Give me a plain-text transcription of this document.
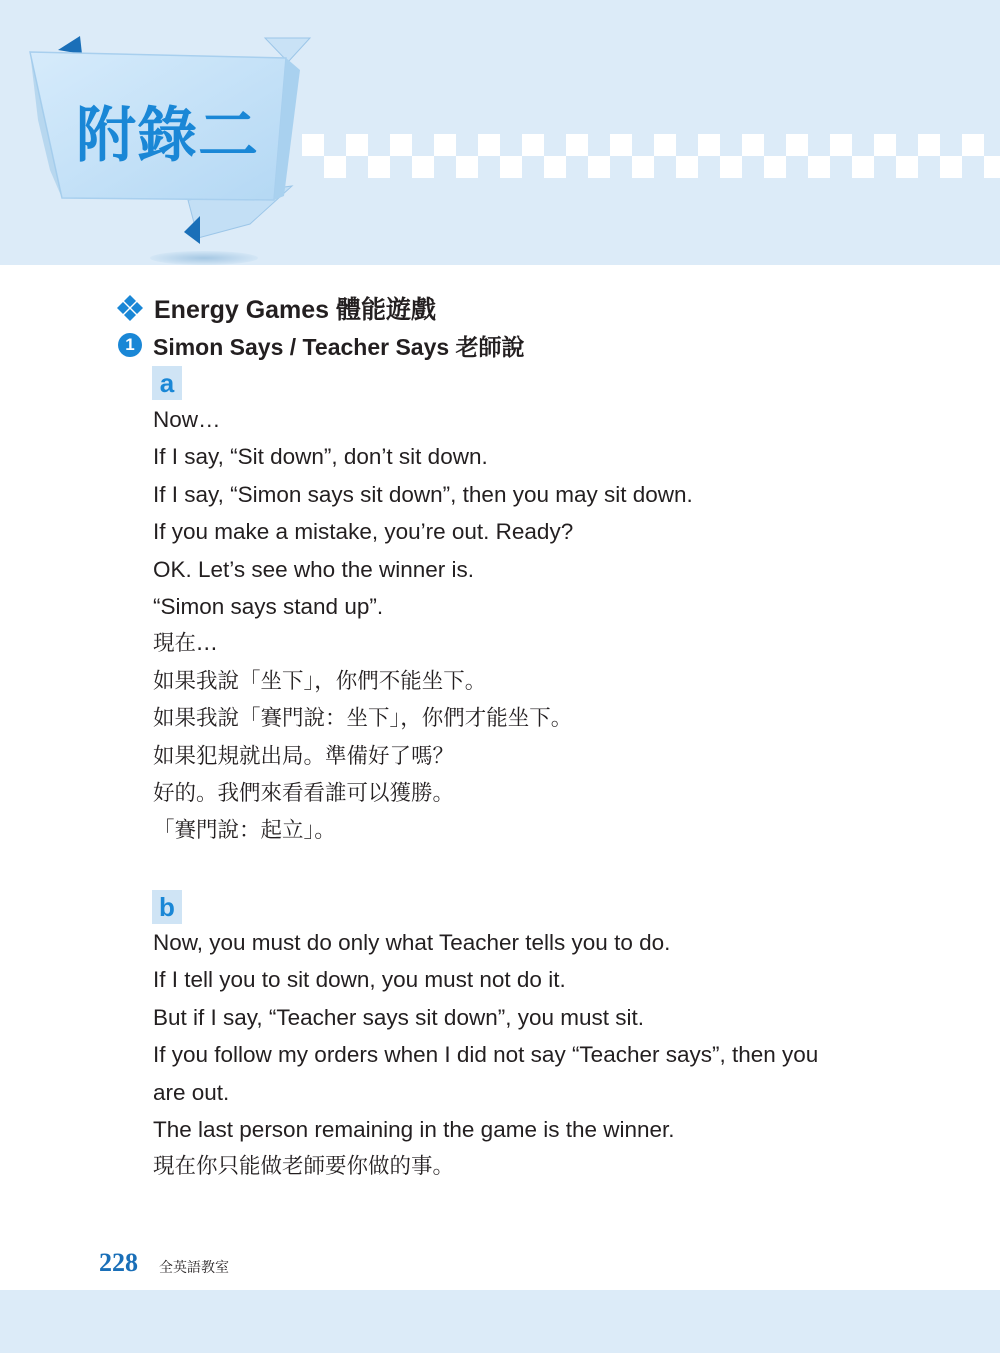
附錄二
Energy Games 體能遊戲
1 Simon Says / Teacher Says 老師說
a
Now…
If I say, “Sit down”, don’t sit down.
If I say, “Simon says sit down”, then you may sit down.
If you make a mistake, you’re out. Ready?
OK. Let’s see who the winner is.
“Simon says stand up”.
現在…
如果我說「坐下」，你們不能坐下。
如果我說「賽門說：坐下」，你們才能坐下。
如果犯規就出局。準備好了嗎？
好的。我們來看看誰可以獲勝。
「賽門說：起立」。
b
Now, you must do only what Teacher tells you to do.
If I tell you to sit down, you must not do it.
But if I say, “Teacher says sit down”, you must sit.
If you follow my orders when I did not say “Teacher says”, then you
are out.
The last person remaining in the game is the winner.
現在你只能做老師要你做的事。
228 全英語教室
